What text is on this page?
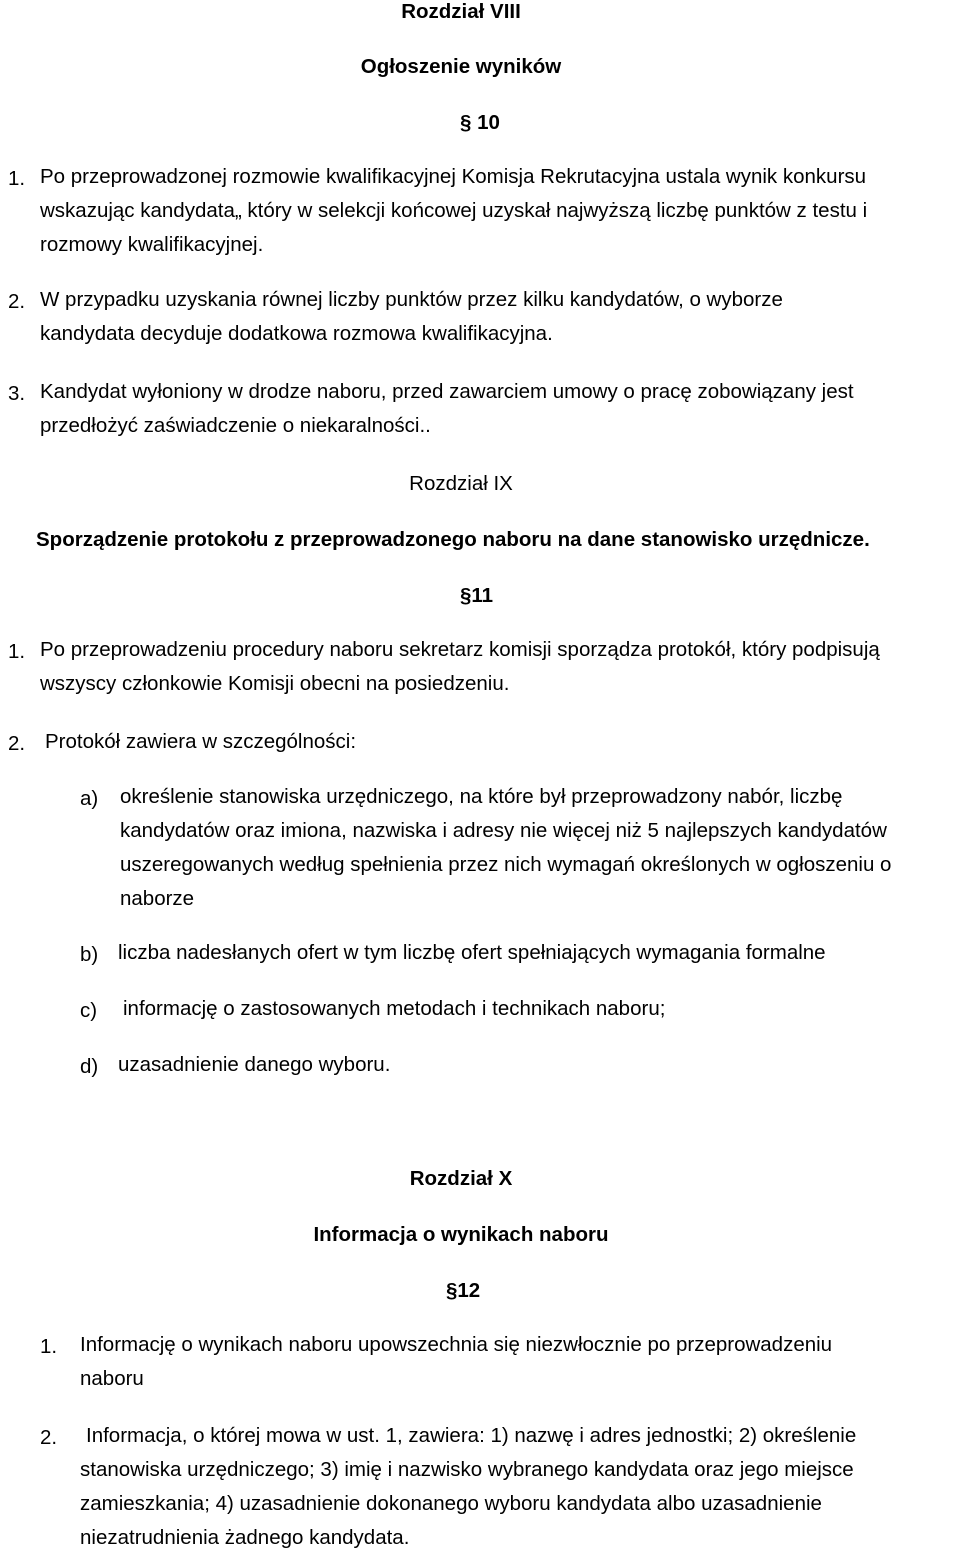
Rozdział VIII
Ogłoszenie wyników
§ 10
1. Po przeprowadzonej rozmowie kwalifikacyjnej Komisja Rekrutacyjna ustala wynik konkursu
wskazując kandydata„ który w selekcji końcowej uzyskał najwyższą liczbę punktów z testu i
rozmowy kwalifikacyjnej.
2. W przypadku uzyskania równej liczby punktów przez kilku kandydatów, o wyborze
kandydata decyduje dodatkowa rozmowa kwalifikacyjna.
3. Kandydat wyłoniony w drodze naboru, przed zawarciem umowy o pracę zobowiązany jest
przedłożyć zaświadczenie o niekaralności..
Rozdział IX
Sporządzenie protokołu z przeprowadzonego naboru na dane stanowisko urzędnicze.
§11
1. Po przeprowadzeniu procedury naboru sekretarz komisji sporządza protokół, który podpisują
wszyscy członkowie Komisji obecni na posiedzeniu.
2. Protokół zawiera w szczególności:
a) określenie stanowiska urzędniczego, na które był przeprowadzony nabór, liczbę
kandydatów oraz imiona, nazwiska i adresy nie więcej niż 5 najlepszych kandydatów
uszeregowanych według spełnienia przez nich wymagań określonych w ogłoszeniu o
naborze
b) liczba nadesłanych ofert w tym liczbę ofert spełniających wymagania formalne
c) informację o zastosowanych metodach i technikach naboru;
d) uzasadnienie danego wyboru.
Rozdział X
Informacja o wynikach naboru
§12
1. Informację o wynikach naboru upowszechnia się niezwłocznie po przeprowadzeniu
naboru
2. Informacja, o której mowa w ust. 1, zawiera: 1) nazwę i adres jednostki; 2) określenie
stanowiska urzędniczego; 3) imię i nazwisko wybranego kandydata oraz jego miejsce
zamieszkania; 4) uzasadnienie dokonanego wyboru kandydata albo uzasadnienie
niezatrudnienia żadnego kandydata.
